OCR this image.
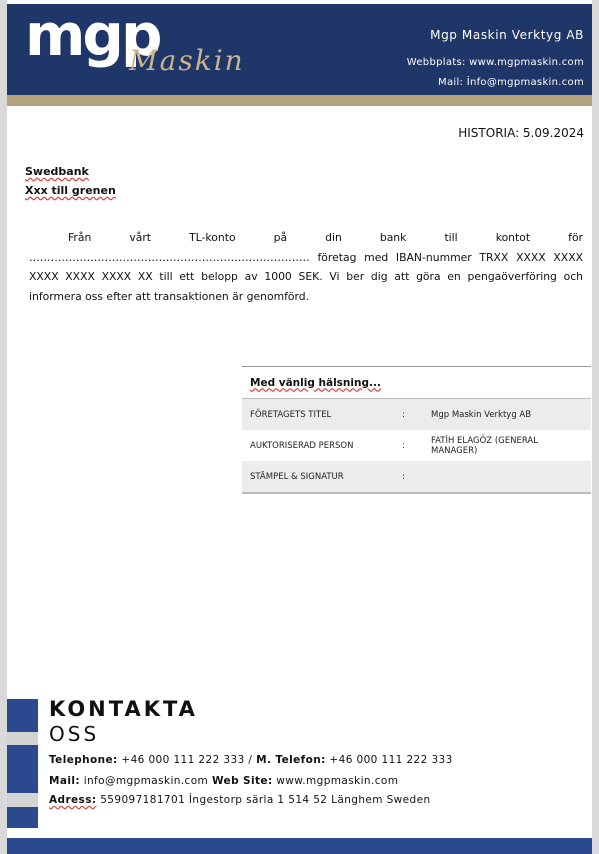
mgp
Maskin
Mgp Maskin Verktyg AB
Webbplats: www.mgpmaskin.com
Mail: İnfo@mgpmaskin.com
HISTORIA: 5.09.2024
Swedbank
Xxx till grenen
Från vårt TL-konto på din bank till kontot för …………………………………………………………………… företag med IBAN-nummer TRXX XXXX XXXX XXXX XXXX XXXX XX till ett belopp av 1000 SEK. Vi ber dig att göra en pengaöverföring och informera oss efter att transaktionen är genomförd.
Med vänlig hälsning...
FÖRETAGETS TITEL	:	Mgp Maskin Verktyg AB
AUKTORISERAD PERSON	:	FATİH ELAGÖZ (GENERAL MANAGER)
STÄMPEL & SIGNATUR	:
KONTAKTA
OSS
Telephone: +46 000 111 222 333 / M. Telefon: +46 000 111 222 333
Mail: info@mgpmaskin.com Web Site: www.mgpmaskin.com
Adress: 559097181701 İngestorp särla 1 514 52 Länghem Sweden
